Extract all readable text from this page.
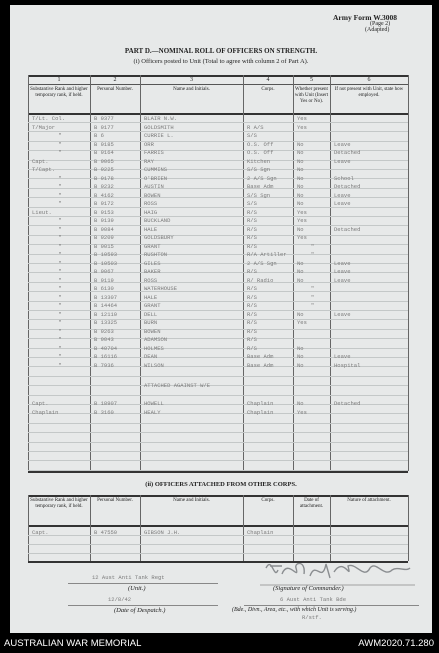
Army Form W.3008
(Page 2)
(Adapted)
PART D.—NOMINAL ROLL OF OFFICERS ON STRENGTH.
(i) Officers posted to Unit (Total to agree with column 2 of Part A).
(ii) OFFICERS ATTACHED FROM OTHER CORPS.
12 Aust Anti Tank Regt
(Unit.)	(Signature of Commander.)
12/8/42
(Date of Despatch.)
6 Aust Anti Tank Bde
R/stf.
(Bde., Divn., Area, etc., with which Unit is serving.)
1	2	3	4	5	6
Substantive Rank and higher temporary rank, if held.
Personal Number.	Name and Initials.	Corps.	Whether present with Unit (Insert Yes or No).
If not present with Unit, state how employed.
T/Lt. Col.	B 9377	BLAIR N.W.	Yes
T/Major	B 9177	GOLDSMITH	R A/S	Yes
"	B 6	CURRIE L.	S/S
"	B 9185	ORR	O.S. Off	No	Leave
"	B 9164	FARRIS	O.S. Off	No	Detached
Capt.	B 9065	RAY	Kitchen	No	Leave
T/Capt.	B 9225	CUMMINS	S/S Sgn	No
"	B 9178	O'BRIEN	2 A/S Sgn	No	School
"	B 9232	AUSTIN	Base Adm	No	Detached
"	B 4162	BOWEN	S/S Sgn	No	Leave
"	B 9172	ROSS	S/S	No	Leave
Lieut.	B 9153	HAIG	R/S	Yes
"	B 9139	BUCKLAND	R/S	Yes
"	B 9084	HALE	R/S	No	Detached
"	B 9209	GOLDSBURY	R/S	Yes
"	B 9015	GRANT	R/S	"
"	B 10593	RUSHTON	R/A Artiller	"
"	B 10503	GILES	2 A/S Sgn	No	Leave
"	B 9067	BAKER	R/S	No	Leave
"	B 9119	ROSS	R/ Radio	No	Leave
"	B 6130	WATERHOUSE	R/S	"
"	B 13307	HALE	R/S	"
"	B 14464	GRANT	R/S	"
"	B 12110	DELL	R/S	No	Leave
"	B 13325	BURN	R/S	Yes
"	B 9263	BOWEN	R/S
"	B 9043	ADAMSON	R/S
"	B 40704	HOLMES	R/S	No
"	B 16116	DEAN	Base Adm	No	Leave
"	B 7936	WILSON	Base Adm	No	Hospital
ATTACHED AGAINST W/E
Capt.	B 18907	HOWELL	Chaplain	No	Detached
Chaplain	B 3160	HEALY	Chaplain	Yes
Substantive Rank and higher temporary rank, if held.
Personal Number.	Name and Initials.	Corps.	Date of attachment.
Nature of attachment.
Capt.	B 47550	GIBSON J.H.	Chaplain
AUSTRALIAN WAR MEMORIAL	AWM2020.71.280
